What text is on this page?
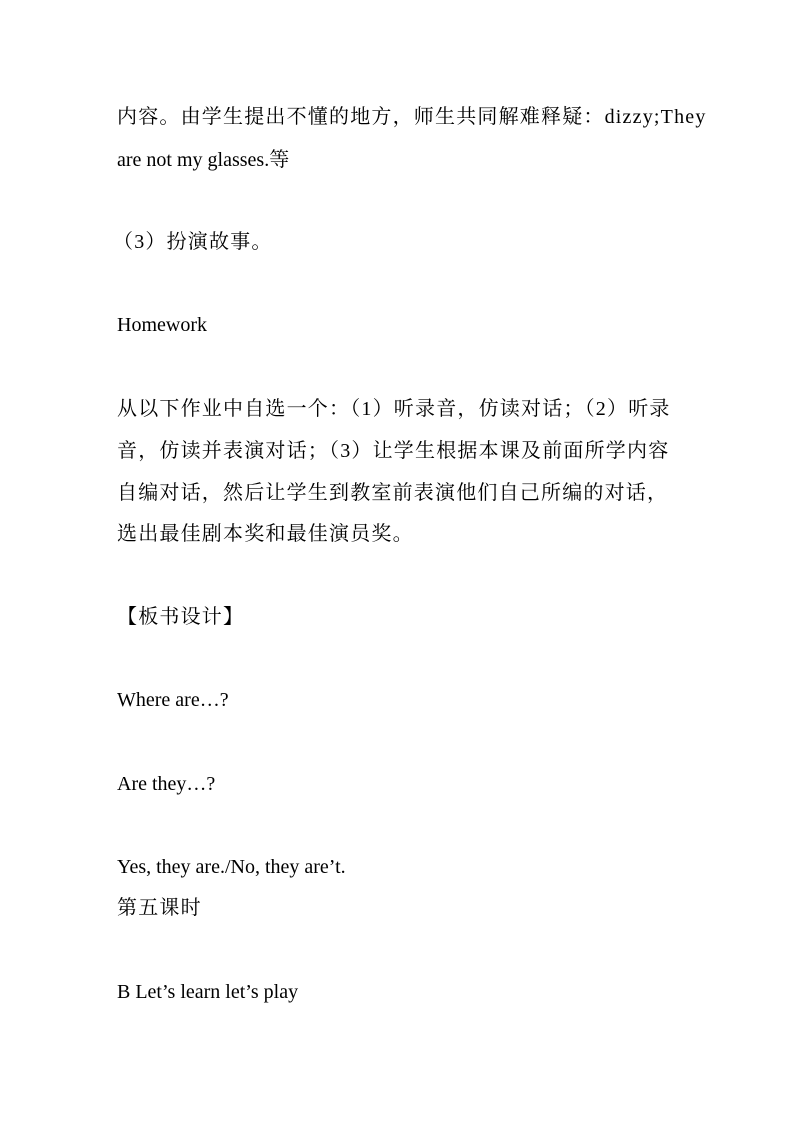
内容。由学生提出不懂的地方，师生共同解难释疑：dizzy;They
are not my glasses.等
（3）扮演故事。
Homework
从以下作业中自选一个：（1）听录音，仿读对话；（2）听录
音，仿读并表演对话；（3）让学生根据本课及前面所学内容
自编对话，然后让学生到教室前表演他们自己所编的对话，
选出最佳剧本奖和最佳演员奖。
【板书设计】
Where are…?
Are they…?
Yes, they are./No, they are’t.
第五课时
B Let’s learn let’s play
